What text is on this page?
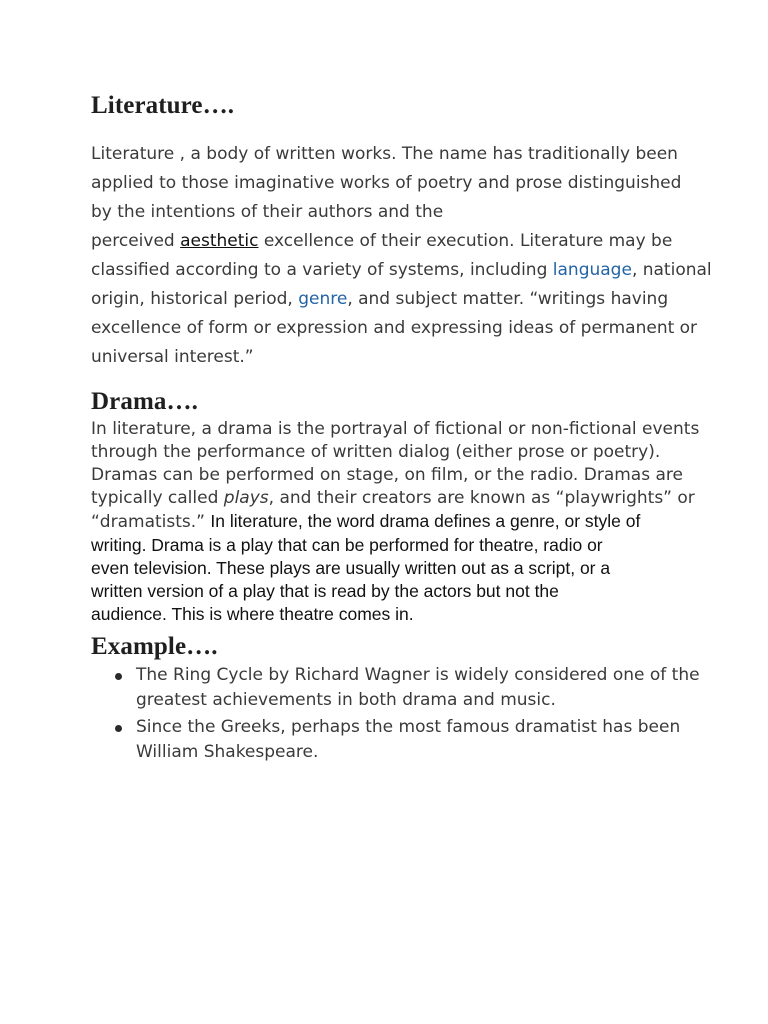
Literature….

Literature , a body of written works. The name has traditionally been
applied to those imaginative works of poetry and prose distinguished
by the intentions of their authors and the
perceived aesthetic excellence of their execution. Literature may be
classified according to a variety of systems, including language, national
origin, historical period, genre, and subject matter. “writings having
excellence of form or expression and expressing ideas of permanent or
universal interest.”

Drama….

In literature, a drama is the portrayal of fictional or non-fictional events
through the performance of written dialog (either prose or poetry).
Dramas can be performed on stage, on film, or the radio. Dramas are
typically called plays, and their creators are known as “playwrights” or
“dramatists.” In literature, the word drama defines a genre, or style of
writing. Drama is a play that can be performed for theatre, radio or
even television. These plays are usually written out as a script, or a
written version of a play that is read by the actors but not the
audience. This is where theatre comes in.

Example….
The Ring Cycle by Richard Wagner is widely considered one of the
greatest achievements in both drama and music.
Since the Greeks, perhaps the most famous dramatist has been
William Shakespeare.
